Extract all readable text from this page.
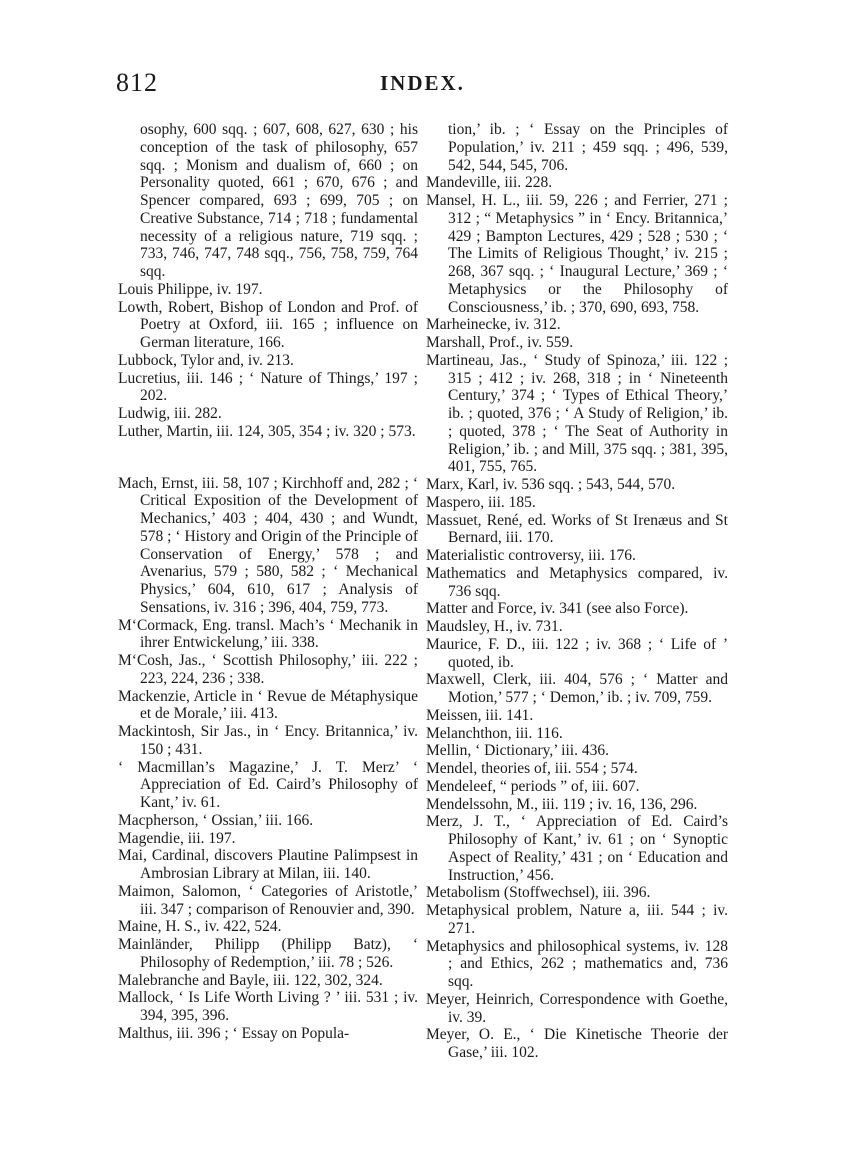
812	INDEX.

osophy, 600 sqq. ; 607, 608, 627, 630 ; his conception of the task of philosophy, 657 sqq. ; Monism and dualism of, 660 ; on Personality quoted, 661 ; 670, 676 ; and Spencer compared, 693 ; 699, 705 ; on Creative Substance, 714 ; 718 ; fundamental necessity of a religious nature, 719 sqq. ; 733, 746, 747, 748 sqq., 756, 758, 759, 764 sqq.

Louis Philippe, iv. 197.

Lowth, Robert, Bishop of London and Prof. of Poetry at Oxford, iii. 165 ; influence on German literature, 166.

Lubbock, Tylor and, iv. 213.

Lucretius, iii. 146 ; ‘ Nature of Things,’ 197 ; 202.

Ludwig, iii. 282.

Luther, Martin, iii. 124, 305, 354 ; iv. 320 ; 573.

Mach, Ernst, iii. 58, 107 ; Kirchhoff and, 282 ; ‘ Critical Exposition of the Development of Mechanics,’ 403 ; 404, 430 ; and Wundt, 578 ; ‘ History and Origin of the Principle of Conservation of Energy,’ 578 ; and Avenarius, 579 ; 580, 582 ; ‘ Mechanical Physics,’ 604, 610, 617 ; Analysis of Sensations, iv. 316 ; 396, 404, 759, 773.

M‘Cormack, Eng. transl. Mach’s ‘ Mechanik in ihrer Entwickelung,’ iii. 338.

M‘Cosh, Jas., ‘ Scottish Philosophy,’ iii. 222 ; 223, 224, 236 ; 338.

Mackenzie, Article in ‘ Revue de Métaphysique et de Morale,’ iii. 413.

Mackintosh, Sir Jas., in ‘ Ency. Britannica,’ iv. 150 ; 431.

‘ Macmillan’s Magazine,’ J. T. Merz’ ‘ Appreciation of Ed. Caird’s Philosophy of Kant,’ iv. 61.

Macpherson, ‘ Ossian,’ iii. 166.

Magendie, iii. 197.

Mai, Cardinal, discovers Plautine Palimpsest in Ambrosian Library at Milan, iii. 140.

Maimon, Salomon, ‘ Categories of Aristotle,’ iii. 347 ; comparison of Renouvier and, 390.

Maine, H. S., iv. 422, 524.

Mainländer, Philipp (Philipp Batz), ‘ Philosophy of Redemption,’ iii. 78 ; 526.

Malebranche and Bayle, iii. 122, 302, 324.

Mallock, ‘ Is Life Worth Living ? ’ iii. 531 ; iv. 394, 395, 396.

Malthus, iii. 396 ; ‘ Essay on Popula-

tion,’ ib. ; ‘ Essay on the Principles of Population,’ iv. 211 ; 459 sqq. ; 496, 539, 542, 544, 545, 706.

Mandeville, iii. 228.

Mansel, H. L., iii. 59, 226 ; and Ferrier, 271 ; 312 ; “ Metaphysics ” in ‘ Ency. Britannica,’ 429 ; Bampton Lectures, 429 ; 528 ; 530 ; ‘ The Limits of Religious Thought,’ iv. 215 ; 268, 367 sqq. ; ‘ Inaugural Lecture,’ 369 ; ‘ Metaphysics or the Philosophy of Consciousness,’ ib. ; 370, 690, 693, 758.

Marheinecke, iv. 312.

Marshall, Prof., iv. 559.

Martineau, Jas., ‘ Study of Spinoza,’ iii. 122 ; 315 ; 412 ; iv. 268, 318 ; in ‘ Nineteenth Century,’ 374 ; ‘ Types of Ethical Theory,’ ib. ; quoted, 376 ; ‘ A Study of Religion,’ ib. ; quoted, 378 ; ‘ The Seat of Authority in Religion,’ ib. ; and Mill, 375 sqq. ; 381, 395, 401, 755, 765.

Marx, Karl, iv. 536 sqq. ; 543, 544, 570.

Maspero, iii. 185.

Massuet, René, ed. Works of St Irenæus and St Bernard, iii. 170.

Materialistic controversy, iii. 176.

Mathematics and Metaphysics compared, iv. 736 sqq.

Matter and Force, iv. 341 (see also Force).

Maudsley, H., iv. 731.

Maurice, F. D., iii. 122 ; iv. 368 ; ‘ Life of ’ quoted, ib.

Maxwell, Clerk, iii. 404, 576 ; ‘ Matter and Motion,’ 577 ; ‘ Demon,’ ib. ; iv. 709, 759.

Meissen, iii. 141.

Melanchthon, iii. 116.

Mellin, ‘ Dictionary,’ iii. 436.

Mendel, theories of, iii. 554 ; 574.

Mendeleef, “ periods ” of, iii. 607.

Mendelssohn, M., iii. 119 ; iv. 16, 136, 296.

Merz, J. T., ‘ Appreciation of Ed. Caird’s Philosophy of Kant,’ iv. 61 ; on ‘ Synoptic Aspect of Reality,’ 431 ; on ‘ Education and Instruction,’ 456.

Metabolism (Stoffwechsel), iii. 396.

Metaphysical problem, Nature a, iii. 544 ; iv. 271.

Metaphysics and philosophical systems, iv. 128 ; and Ethics, 262 ; mathematics and, 736 sqq.

Meyer, Heinrich, Correspondence with Goethe, iv. 39.

Meyer, O. E., ‘ Die Kinetische Theorie der Gase,’ iii. 102.
